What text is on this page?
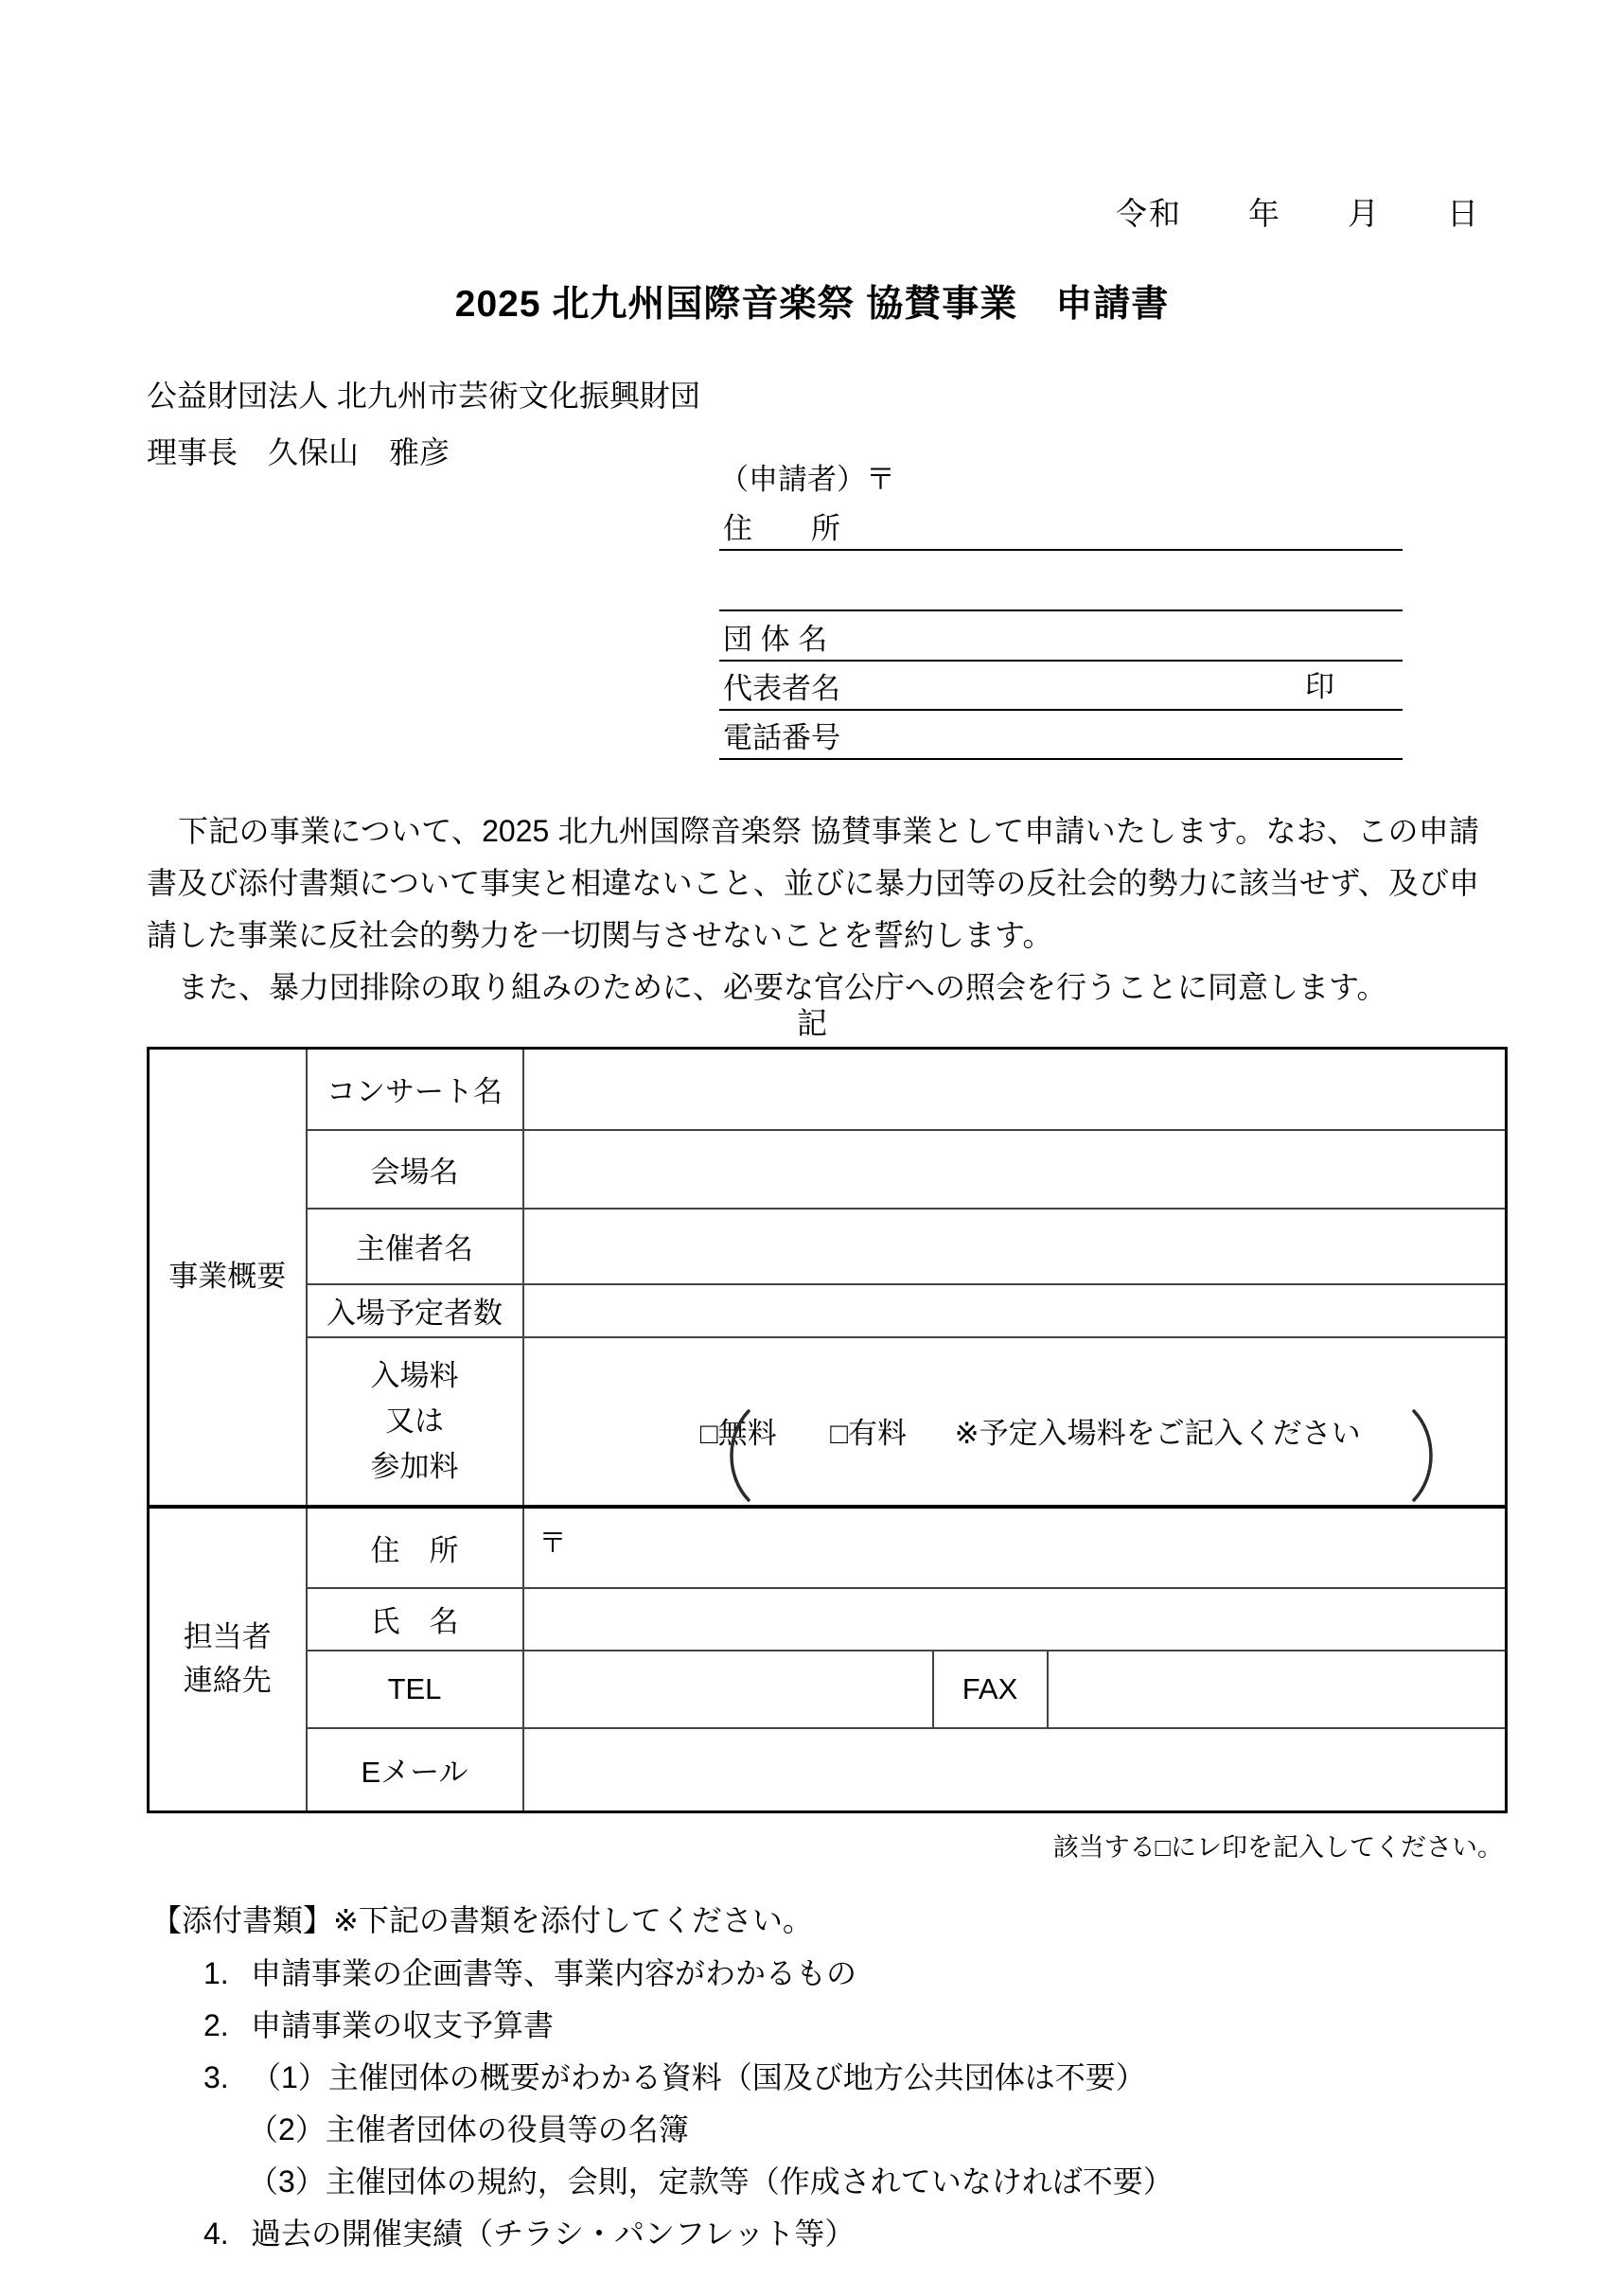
令和　　年　　月　　日
2025 北九州国際音楽祭 協賛事業　申請書
公益財団法人 北九州市芸術文化振興財団
理事長　久保山　雅彦
（申請者）〒
住　　所
団 体 名
代表者名	印
電話番号

下記の事業について、2025 北九州国際音楽祭 協賛事業として申請いたします。なお、この申請書及び添付書類について事実と相違ないこと、並びに暴力団等の反社会的勢力に該当せず、及び申請した事業に反社会的勢力を一切関与させないことを誓約します。

また、暴力団排除の取り組みのために、必要な官公庁への照会を行うことに同意します。

記
事業概要	コンサート名			
	会場名			
	主催者名			
	入場予定者数			

	入場料
又は
参加料	□無料 □有料 ※予定入場料をご記入ください		

担当者
連絡先	住　所	〒		
	氏　名			
	TEL		FAX	
	Eメール			
該当する□にレ印を記入してください。
【添付書類】※下記の書類を添付してください。
1. 申請事業の企画書等、事業内容がわかるもの
2. 申請事業の収支予算書
3. （1）主催団体の概要がわかる資料（国及び地方公共団体は不要）
（2）主催者団体の役員等の名簿
（3）主催団体の規約，会則，定款等（作成されていなければ不要）
4. 過去の開催実績（チラシ・パンフレット等）
